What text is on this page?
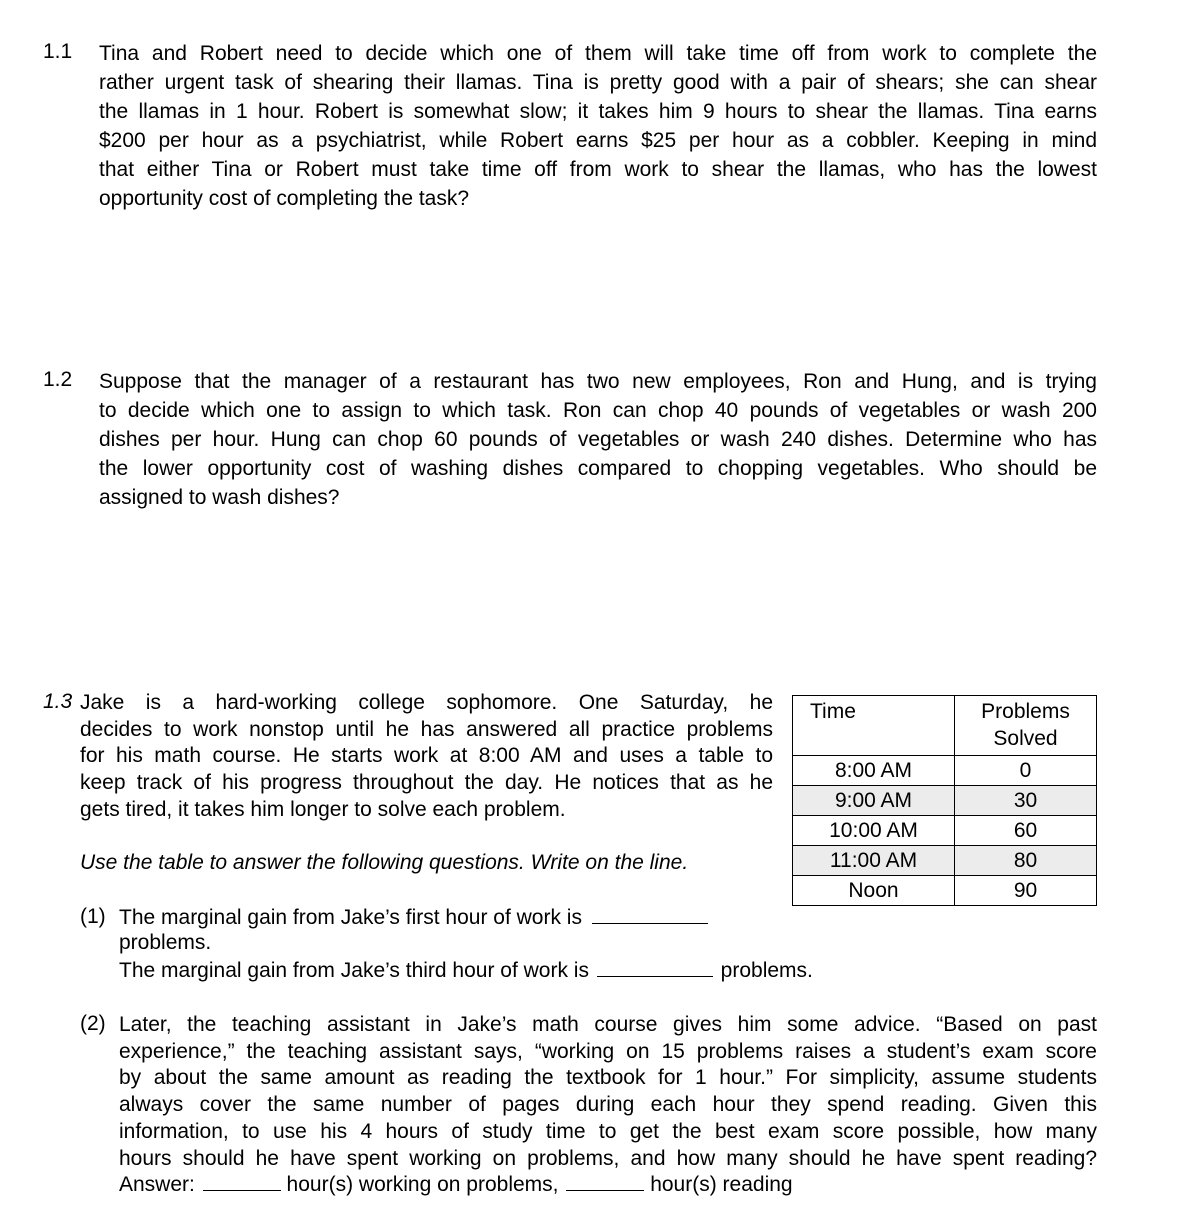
1.1 Tina and Robert need to decide which one of them will take time off from work to complete the
rather urgent task of shearing their llamas. Tina is pretty good with a pair of shears; she can shear
the llamas in 1 hour. Robert is somewhat slow; it takes him 9 hours to shear the llamas. Tina earns
$200 per hour as a psychiatrist, while Robert earns $25 per hour as a cobbler. Keeping in mind
that either Tina or Robert must take time off from work to shear the llamas, who has the lowest
opportunity cost of completing the task?
1.2 Suppose that the manager of a restaurant has two new employees, Ron and Hung, and is trying
to decide which one to assign to which task. Ron can chop 40 pounds of vegetables or wash 200
dishes per hour. Hung can chop 60 pounds of vegetables or wash 240 dishes. Determine who has
the lower opportunity cost of washing dishes compared to chopping vegetables. Who should be
assigned to wash dishes?
1.3 Jake is a hard-working college sophomore. One Saturday, he
decides to work nonstop until he has answered all practice problems
for his math course. He starts work at 8:00 AM and uses a table to
keep track of his progress throughout the day. He notices that as he
gets tired, it takes him longer to solve each problem.
Use the table to answer the following questions. Write on the line.
Time	Problems
Solved
8:00 AM	0
9:00 AM	30
10:00 AM	60
11:00 AM	80
Noon	90
(1) The marginal gain from Jake’s first hour of work is
problems.
The marginal gain from Jake’s third hour of work is	problems.
(2) Later, the teaching assistant in Jake’s math course gives him some advice. “Based on past
experience,” the teaching assistant says, “working on 15 problems raises a student’s exam score
by about the same amount as reading the textbook for 1 hour.” For simplicity, assume students
always cover the same number of pages during each hour they spend reading. Given this
information, to use his 4 hours of study time to get the best exam score possible, how many
hours should he have spent working on problems, and how many should he have spent reading?
Answer:	hour(s) working on problems,	hour(s) reading
